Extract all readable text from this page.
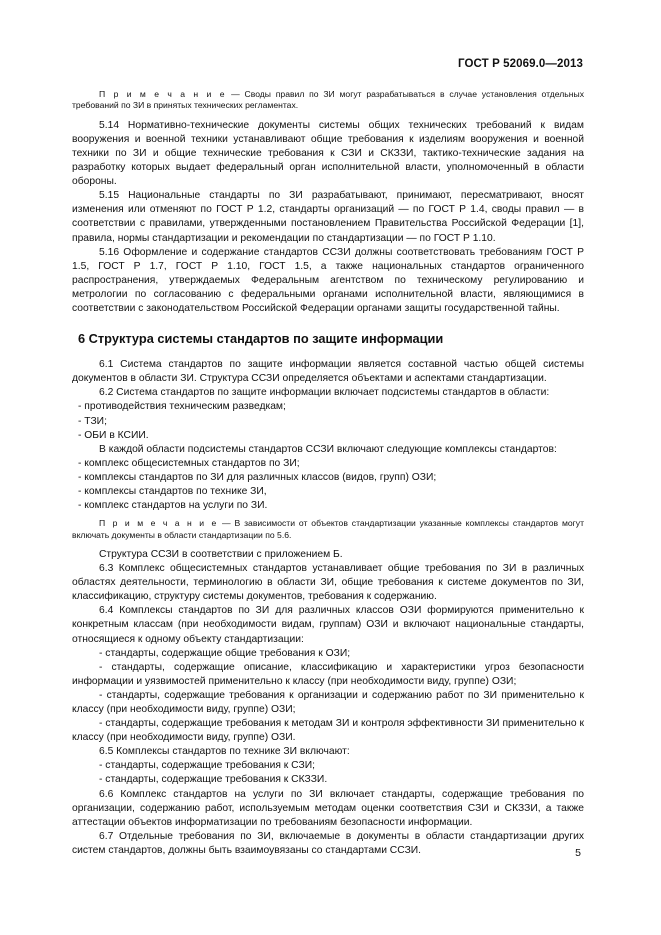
ГОСТ Р 52069.0—2013

П р и м е ч а н и е — Своды правил по ЗИ могут разрабатываться в случае установления отдельных требований по ЗИ в принятых технических регламентах.

5.14 Нормативно-технические документы системы общих технических требований к видам вооружения и военной техники устанавливают общие требования к изделиям вооружения и военной техники по ЗИ и общие технические требования к СЗИ и СКЗЗИ, тактико-технические задания на разработку которых выдает федеральный орган исполнительной власти, уполномоченный в области обороны.

5.15 Национальные стандарты по ЗИ разрабатывают, принимают, пересматривают, вносят изменения или отменяют по ГОСТ Р 1.2, стандарты организаций — по ГОСТ Р 1.4, своды правил — в соответствии с правилами, утвержденными постановлением Правительства Российской Федерации [1], правила, нормы стандартизации и рекомендации по стандартизации — по ГОСТ Р 1.10.

5.16 Оформление и содержание стандартов ССЗИ должны соответствовать требованиям ГОСТ Р 1.5, ГОСТ Р 1.7, ГОСТ Р 1.10, ГОСТ 1.5, а также национальных стандартов ограниченного распространения, утверждаемых Федеральным агентством по техническому регулированию и метрологии по согласованию с федеральными органами исполнительной власти, являющимися в соответствии с законодательством Российской Федерации органами защиты государственной тайны.

6 Структура системы стандартов по защите информации

6.1 Система стандартов по защите информации является составной частью общей системы документов в области ЗИ. Структура ССЗИ определяется объектами и аспектами стандартизации.

6.2 Система стандартов по защите информации включает подсистемы стандартов в области:

- противодействия техническим разведкам;

- ТЗИ;

- ОБИ в КСИИ.

В каждой области подсистемы стандартов ССЗИ включают следующие комплексы стандартов:

- комплекс общесистемных стандартов по ЗИ;

- комплексы стандартов по ЗИ для различных классов (видов, групп) ОЗИ;

- комплексы стандартов по технике ЗИ,

- комплекс стандартов на услуги по ЗИ.

П р и м е ч а н и е — В зависимости от объектов стандартизации указанные комплексы стандартов могут включать документы в области стандартизации по 5.6.

Структура ССЗИ в соответствии с приложением Б.

6.3 Комплекс общесистемных стандартов устанавливает общие требования по ЗИ в различных областях деятельности, терминологию в области ЗИ, общие требования к системе документов по ЗИ, классификацию, структуру системы документов, требования к содержанию.

6.4 Комплексы стандартов по ЗИ для различных классов ОЗИ формируются применительно к конкретным классам (при необходимости видам, группам) ОЗИ и включают национальные стандарты, относящиеся к одному объекту стандартизации:

- стандарты, содержащие общие требования к ОЗИ;

- стандарты, содержащие описание, классификацию и характеристики угроз безопасности информации и уязвимостей применительно к классу (при необходимости виду, группе) ОЗИ;

- стандарты, содержащие требования к организации и содержанию работ по ЗИ применительно к классу (при необходимости виду, группе) ОЗИ;

- стандарты, содержащие требования к методам ЗИ и контроля эффективности ЗИ применительно к классу (при необходимости виду, группе) ОЗИ.

6.5 Комплексы стандартов по технике ЗИ включают:

- стандарты, содержащие требования к СЗИ;

- стандарты, содержащие требования к СКЗЗИ.

6.6 Комплекс стандартов на услуги по ЗИ включает стандарты, содержащие требования по организации, содержанию работ, используемым методам оценки соответствия СЗИ и СКЗЗИ, а также аттестации объектов информатизации по требованиям безопасности информации.

6.7 Отдельные требования по ЗИ, включаемые в документы в области стандартизации других систем стандартов, должны быть взаимоувязаны со стандартами ССЗИ.	5
